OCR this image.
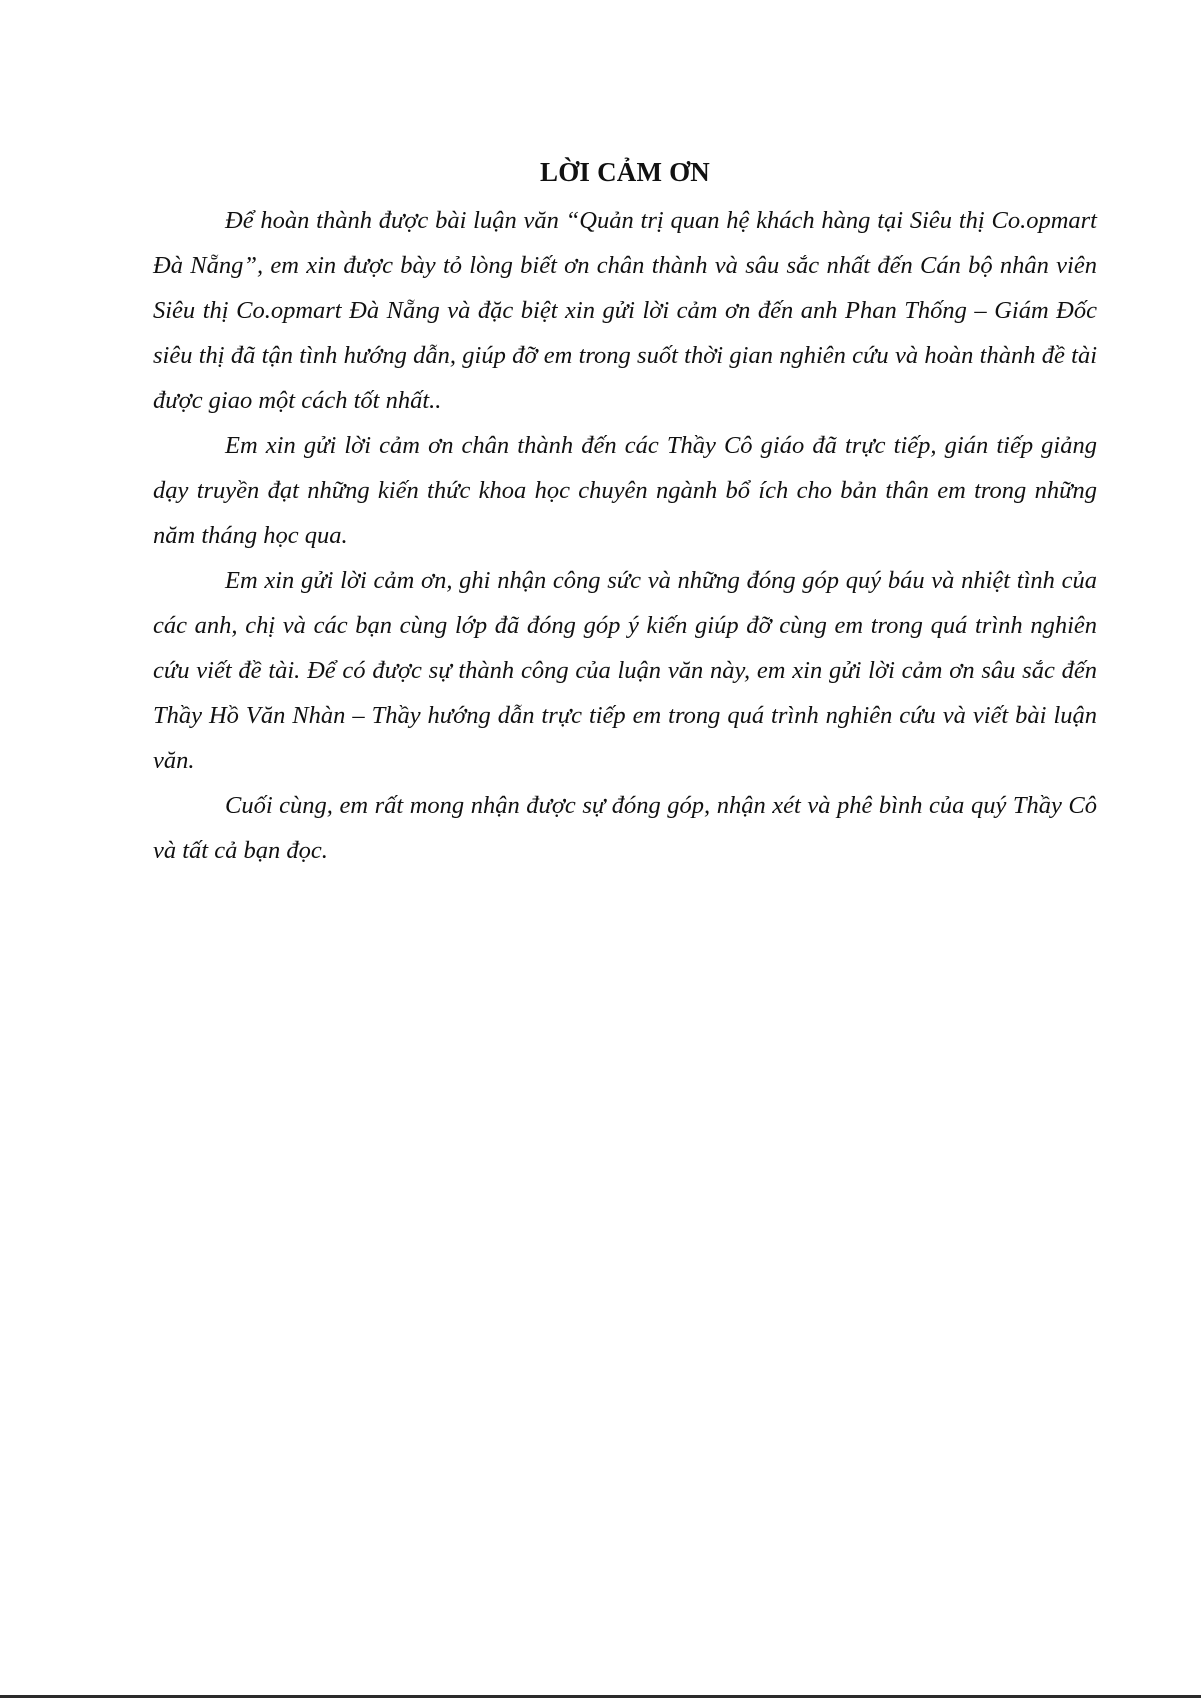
LỜI CẢM ƠN

Để hoàn thành được bài luận văn “Quản trị quan hệ khách hàng tại Siêu thị Co.opmart Đà Nẵng”, em xin được bày tỏ lòng biết ơn chân thành và sâu sắc nhất đến Cán bộ nhân viên Siêu thị Co.opmart Đà Nẵng và đặc biệt xin gửi lời cảm ơn đến anh Phan Thống – Giám Đốc siêu thị đã tận tình hướng dẫn, giúp đỡ em trong suốt thời gian nghiên cứu và hoàn thành đề tài được giao một cách tốt nhất..

Em xin gửi lời cảm ơn chân thành đến các Thầy Cô giáo đã trực tiếp, gián tiếp giảng dạy truyền đạt những kiến thức khoa học chuyên ngành bổ ích cho bản thân em trong những năm tháng học qua.

Em xin gửi lời cảm ơn, ghi nhận công sức và những đóng góp quý báu và nhiệt tình của các anh, chị và các bạn cùng lớp đã đóng góp ý kiến giúp đỡ cùng em trong quá trình nghiên cứu viết đề tài. Để có được sự thành công của luận văn này, em xin gửi lời cảm ơn sâu sắc đến Thầy Hồ Văn Nhàn – Thầy hướng dẫn trực tiếp em trong quá trình nghiên cứu và viết bài luận văn.

Cuối cùng, em rất mong nhận được sự đóng góp, nhận xét và phê bình của quý Thầy Cô và tất cả bạn đọc.
